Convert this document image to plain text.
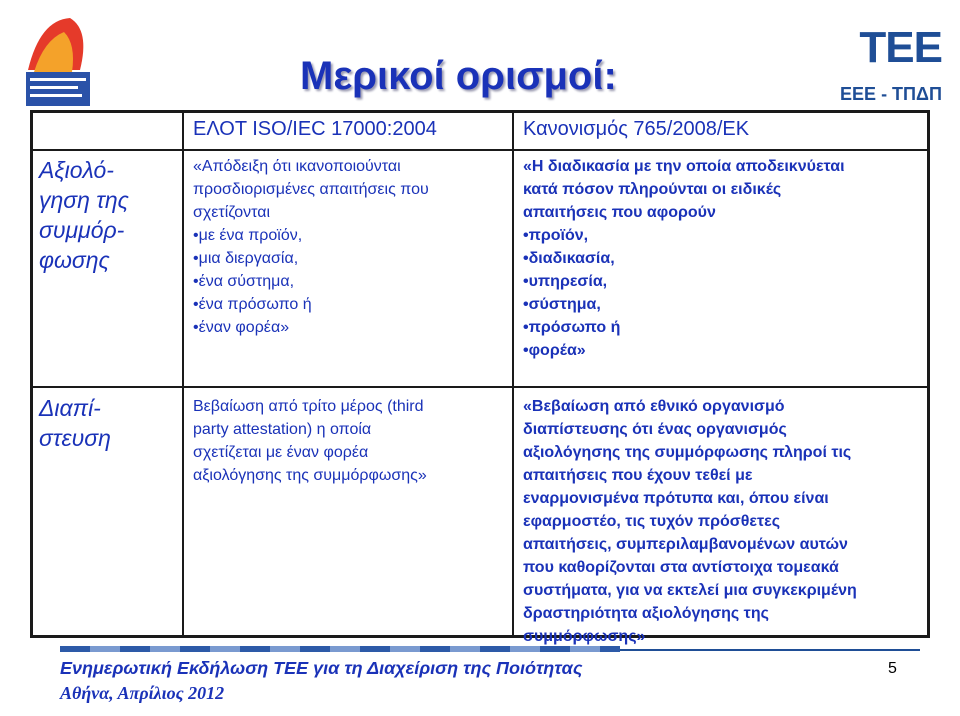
ΤΕΕ
ΕΕΕ - ΤΠΔΠ
Μερικοί ορισμοί:
ΕΛΟΤ ISO/IEC 17000:2004	Κανονισμός 765/2008/ΕΚ
Αξιολό-
γηση της
συμμόρ-
φωσης
Διαπί-
στευση
«Απόδειξη ότι ικανοποιούνται
προσδιορισμένες απαιτήσεις που
σχετίζονται
•με ένα προϊόν,
•μια διεργασία,
•ένα σύστημα,
•ένα πρόσωπο ή
•έναν φορέα»
«Η διαδικασία με την οποία αποδεικνύεται
κατά πόσον πληρούνται οι ειδικές
απαιτήσεις που αφορούν
•προϊόν,
•διαδικασία,
•υπηρεσία,
•σύστημα,
•πρόσωπο ή
•φορέα»
Βεβαίωση από τρίτο μέρος (third
party attestation) η οποία
σχετίζεται με έναν φορέα
αξιολόγησης της συμμόρφωσης»
«Βεβαίωση από εθνικό οργανισμό
διαπίστευσης ότι ένας οργανισμός
αξιολόγησης της συμμόρφωσης πληροί τις
απαιτήσεις που έχουν τεθεί με
εναρμονισμένα πρότυπα και, όπου είναι
εφαρμοστέο, τις τυχόν πρόσθετες
απαιτήσεις, συμπεριλαμβανομένων αυτών
που καθορίζονται στα αντίστοιχα τομεακά
συστήματα, για να εκτελεί μια συγκεκριμένη
δραστηριότητα αξιολόγησης της
συμμόρφωσης»
Ενημερωτική Εκδήλωση ΤΕΕ για τη Διαχείριση της Ποιότητας
Αθήνα, Απρίλιος 2012
5
